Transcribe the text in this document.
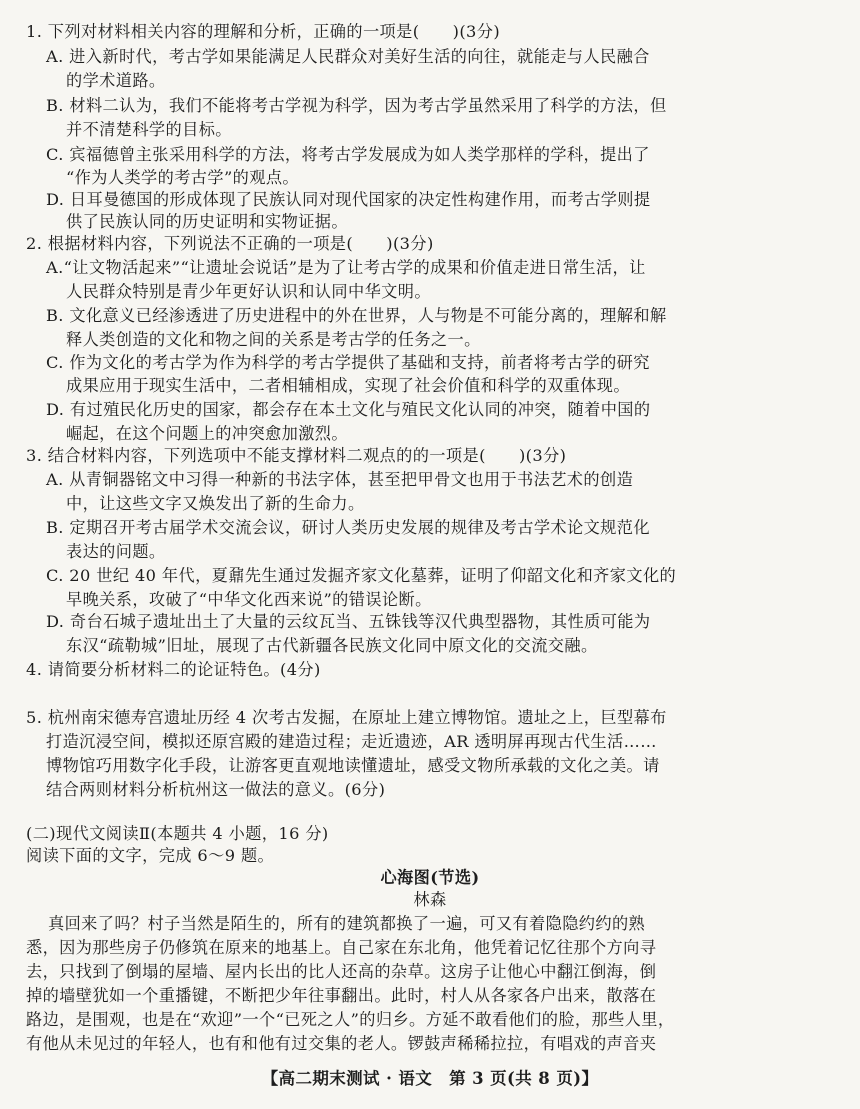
1. 下列对材料相关内容的理解和分析，正确的一项是(　　)(3分)
A. 进入新时代，考古学如果能满足人民群众对美好生活的向往，就能走与人民融合
的学术道路。
B. 材料二认为，我们不能将考古学视为科学，因为考古学虽然采用了科学的方法，但
并不清楚科学的目标。
C. 宾福德曾主张采用科学的方法，将考古学发展成为如人类学那样的学科，提出了
“作为人类学的考古学”的观点。
D. 日耳曼德国的形成体现了民族认同对现代国家的决定性构建作用，而考古学则提
供了民族认同的历史证明和实物证据。
2. 根据材料内容，下列说法不正确的一项是(　　)(3分)
A.“让文物活起来”“让遗址会说话”是为了让考古学的成果和价值走进日常生活，让
人民群众特别是青少年更好认识和认同中华文明。
B. 文化意义已经渗透进了历史进程中的外在世界，人与物是不可能分离的，理解和解
释人类创造的文化和物之间的关系是考古学的任务之一。
C. 作为文化的考古学为作为科学的考古学提供了基础和支持，前者将考古学的研究
成果应用于现实生活中，二者相辅相成，实现了社会价值和科学的双重体现。
D. 有过殖民化历史的国家，都会存在本土文化与殖民文化认同的冲突，随着中国的
崛起，在这个问题上的冲突愈加激烈。
3. 结合材料内容，下列选项中不能支撑材料二观点的的一项是(　　)(3分)
A. 从青铜器铭文中习得一种新的书法字体，甚至把甲骨文也用于书法艺术的创造
中，让这些文字又焕发出了新的生命力。
B. 定期召开考古届学术交流会议，研讨人类历史发展的规律及考古学术论文规范化
表达的问题。
C. 20 世纪 40 年代，夏鼐先生通过发掘齐家文化墓葬，证明了仰韶文化和齐家文化的
早晚关系，攻破了“中华文化西来说”的错误论断。
D. 奇台石城子遗址出土了大量的云纹瓦当、五铢钱等汉代典型器物，其性质可能为
东汉“疏勒城”旧址，展现了古代新疆各民族文化同中原文化的交流交融。
4. 请简要分析材料二的论证特色。(4分)
5. 杭州南宋德寿宫遗址历经 4 次考古发掘，在原址上建立博物馆。遗址之上，巨型幕布
打造沉浸空间，模拟还原宫殿的建造过程；走近遗迹，AR 透明屏再现古代生活……
博物馆巧用数字化手段，让游客更直观地读懂遗址，感受文物所承载的文化之美。请
结合两则材料分析杭州这一做法的意义。(6分)
(二)现代文阅读Ⅱ(本题共 4 小题，16 分)
阅读下面的文字，完成 6～9 题。
心海图(节选)
林森
真回来了吗？村子当然是陌生的，所有的建筑都换了一遍，可又有着隐隐约约的熟
悉，因为那些房子仍修筑在原来的地基上。自己家在东北角，他凭着记忆往那个方向寻
去，只找到了倒塌的屋墙、屋内长出的比人还高的杂草。这房子让他心中翻江倒海，倒
掉的墙壁犹如一个重播键，不断把少年往事翻出。此时，村人从各家各户出来，散落在
路边，是围观，也是在“欢迎”一个“已死之人”的归乡。方延不敢看他们的脸，那些人里，
有他从未见过的年轻人，也有和他有过交集的老人。锣鼓声稀稀拉拉，有唱戏的声音夹
【高二期末测试 · 语文　第 3 页(共 8 页)】
